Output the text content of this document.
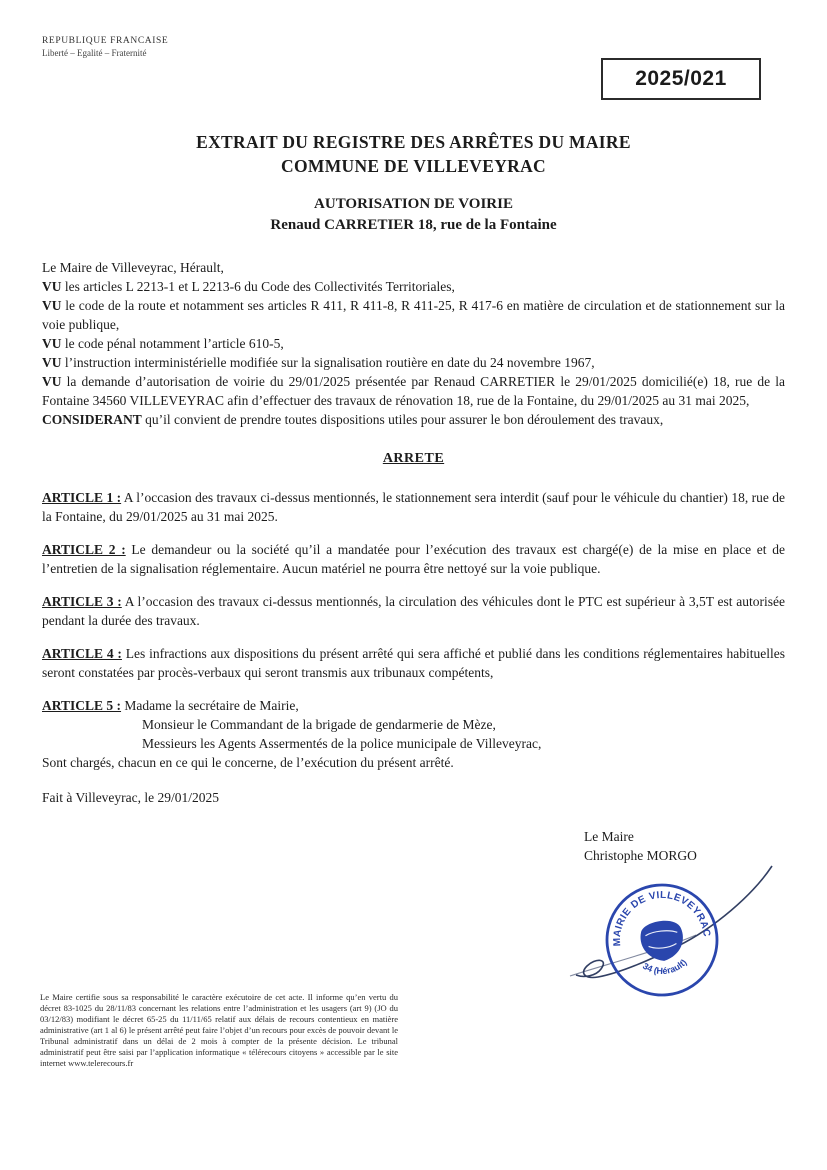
REPUBLIQUE FRANCAISE
Liberté – Egalité – Fraternité
2025/021
EXTRAIT DU REGISTRE DES ARRÊTES DU MAIRE
COMMUNE DE VILLEVEYRAC
AUTORISATION DE VOIRIE
Renaud CARRETIER 18, rue de la Fontaine

Le Maire de Villeveyrac, Hérault,

VU les articles L 2213-1 et L 2213-6 du Code des Collectivités Territoriales,

VU le code de la route et notamment ses articles R 411, R 411-8, R 411-25, R 417-6 en matière de circulation et de stationnement sur la voie publique,

VU le code pénal notamment l’article 610-5,

VU l’instruction interministérielle modifiée sur la signalisation routière en date du 24 novembre 1967,

VU la demande d’autorisation de voirie du 29/01/2025 présentée par Renaud CARRETIER le 29/01/2025 domicilié(e) 18, rue de la Fontaine 34560 VILLEVEYRAC afin d’effectuer des travaux de rénovation 18, rue de la Fontaine, du 29/01/2025 au 31 mai 2025,

CONSIDERANT qu’il convient de prendre toutes dispositions utiles pour assurer le bon déroulement des travaux,

ARRETE

ARTICLE 1 : A l’occasion des travaux ci-dessus mentionnés, le stationnement sera interdit (sauf pour le véhicule du chantier) 18, rue de la Fontaine, du 29/01/2025 au 31 mai 2025.

ARTICLE 2 : Le demandeur ou la société qu’il a mandatée pour l’exécution des travaux est chargé(e) de la mise en place et de l’entretien de la signalisation réglementaire. Aucun matériel ne pourra être nettoyé sur la voie publique.

ARTICLE 3 : A l’occasion des travaux ci-dessus mentionnés, la circulation des véhicules dont le PTC est supérieur à 3,5T est autorisée pendant la durée des travaux.

ARTICLE 4 : Les infractions aux dispositions du présent arrêté qui sera affiché et publié dans les conditions réglementaires habituelles seront constatées par procès-verbaux qui seront transmis aux tribunaux compétents,

ARTICLE 5 : Madame la secrétaire de Mairie,

Monsieur le Commandant de la brigade de gendarmerie de Mèze,

Messieurs les Agents Assermentés de la police municipale de Villeveyrac,

Sont chargés, chacun en ce qui le concerne, de l’exécution du présent arrêté.

Fait à Villeveyrac, le 29/01/2025

Le Maire
Christophe MORGO
MAIRIE DE VILLEVEYRAC
34 (Hérault)
Le Maire certifie sous sa responsabilité le caractère exécutoire de cet acte. Il informe qu’en vertu du décret 83-1025 du 28/11/83 concernant les relations entre l’administration et les usagers (art 9) (JO du 03/12/83) modifiant le décret 65-25 du 11/11/65 relatif aux délais de recours contentieux en matière administrative (art 1 al 6) le présent arrêté peut faire l’objet d’un recours pour excès de pouvoir devant le Tribunal administratif dans un délai de 2 mois à compter de la présente décision. Le tribunal administratif peut être saisi par l’application informatique « télérecours citoyens » accessible par le site internet www.telerecours.fr
